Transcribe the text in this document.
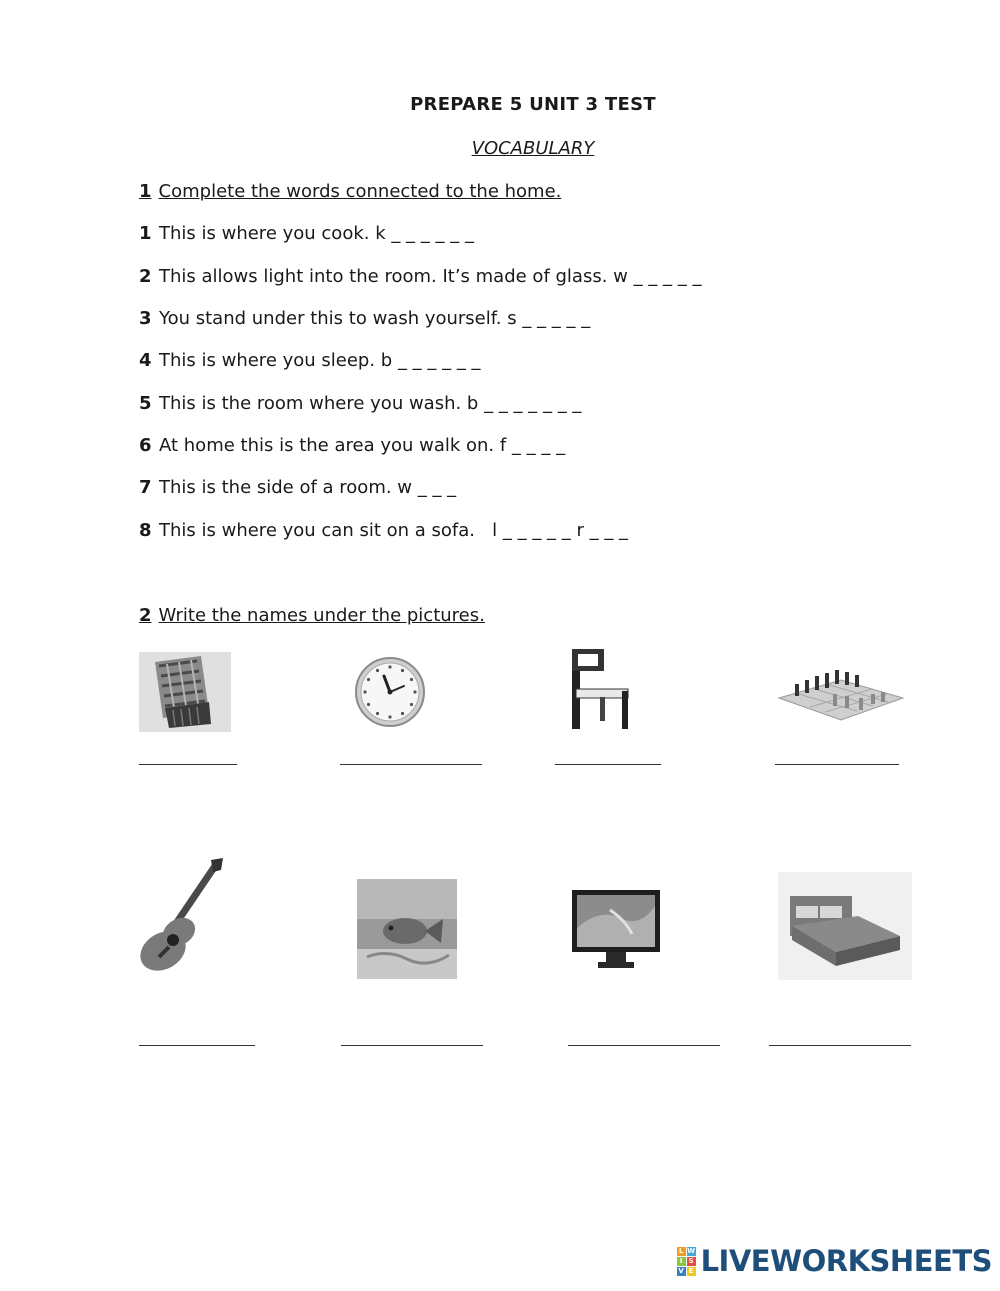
PREPARE 5 UNIT 3 TEST
VOCABULARY
1 Complete the words connected to the home.
1 This is where you cook. k _ _ _ _ _ _
2 This allows light into the room. It’s made of glass. w _ _ _ _ _
3 You stand under this to wash yourself. s _ _ _ _ _
4 This is where you sleep. b _ _ _ _ _ _
5 This is the room where you wash. b _ _ _ _ _ _ _
6 At home this is the area you walk on. f _ _ _ _
7 This is the side of a room. w _ _ _
8 This is where you can sit on a sofa.   l _ _ _ _ _ r _ _ _
2 Write the names under the pictures.
L W
I S
V E LIVEWORKSHEETS
